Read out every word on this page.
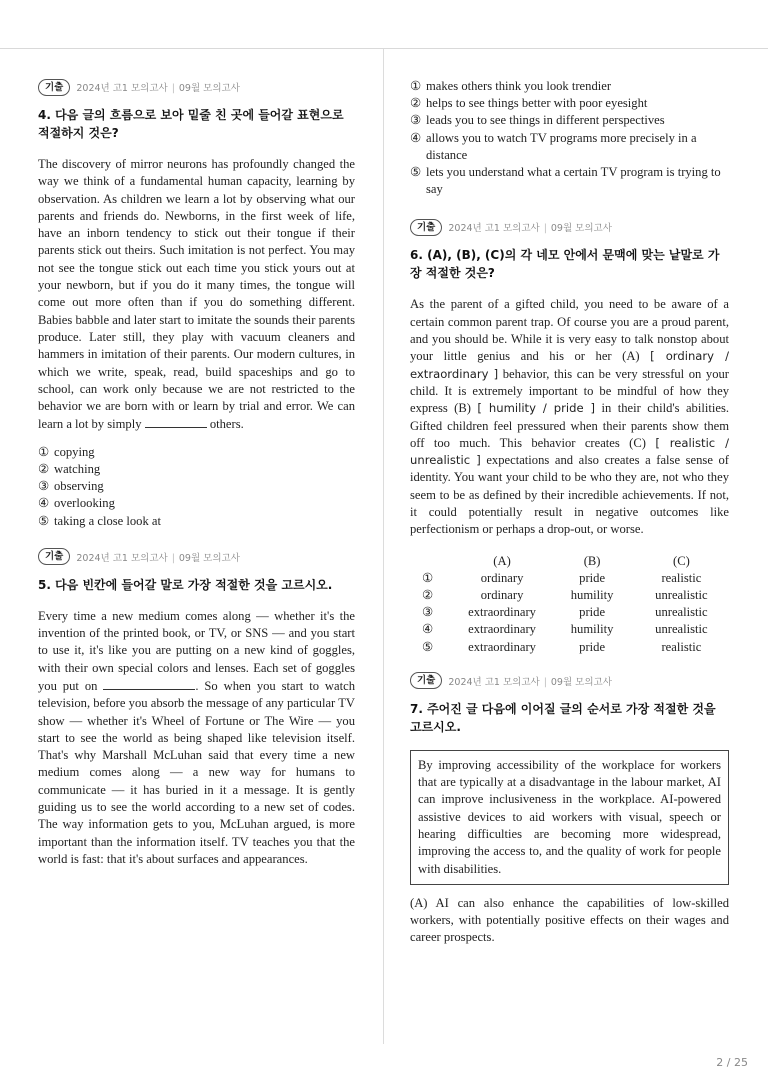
기출	2024년 고1 모의고사 | 09월 모의고사

4. 다음 글의 흐름으로 보아 밑줄 친 곳에 들어갈 표현으로 적절하지 것은?

The discovery of mirror neurons has profoundly changed the way we think of a fundamental human capacity, learning by observation. As children we learn a lot by observing what our parents and friends do. Newborns, in the first week of life, have an inborn tendency to stick out their tongue if their parents stick out theirs. Such imitation is not perfect. You may not see the tongue stick out each time you stick yours out at your newborn, but if you do it many times, the tongue will come out more often than if you do something different. Babies babble and later start to imitate the sounds their parents produce. Later still, they play with vacuum cleaners and hammers in imitation of their parents. Our modern cultures, in which we write, speak, read, build spaceships and go to school, can work only because we are not restricted to the behavior we are born with or learn by trial and error. We can learn a lot by simply	others.

① copying
② watching
③ observing
④ overlooking
⑤ taking a close look at
기출	2024년 고1 모의고사 | 09월 모의고사

5. 다음 빈칸에 들어갈 말로 가장 적절한 것을 고르시오.

Every time a new medium comes along — whether it's the invention of the printed book, or TV, or SNS — and you start to use it, it's like you are putting on a new kind of goggles, with their own special colors and lenses. Each set of goggles you put on	. So when you start to watch television, before you absorb the message of any particular TV show — whether it's Wheel of Fortune or The Wire — you start to see the world as being shaped like television itself. That's why Marshall McLuhan said that every time a new medium comes along — a new way for humans to communicate — it has buried in it a message. It is gently guiding us to see the world according to a new set of codes. The way information gets to you, McLuhan argued, is more important than the information itself. TV teaches you that the world is fast: that it's about surfaces and appearances.

① makes others think you look trendier
② helps to see things better with poor eyesight
③ leads you to see things in different perspectives
④ allows you to watch TV programs more precisely in a distance
⑤ lets you understand what a certain TV program is trying to say
기출	2024년 고1 모의고사 | 09월 모의고사

6. (A), (B), (C)의 각 네모 안에서 문맥에 맞는 낱말로 가장 적절한 것은?

As the parent of a gifted child, you need to be aware of a certain common parent trap. Of course you are a proud parent, and you should be. While it is very easy to talk nonstop about your little genius and his or her (A) [ ordinary / extraordinary ] behavior, this can be very stressful on your child. It is extremely important to be mindful of how they express (B) [ humility / pride ] in their child's abilities. Gifted children feel pressured when their parents show them off too much. This behavior creates (C) [ realistic / unrealistic ] expectations and also creates a false sense of identity. You want your child to be who they are, not who they seem to be as defined by their incredible achievements. If not, it could potentially result in negative outcomes like perfectionism or perhaps a drop-out, or worse.

	(A)	(B)	(C)
①	ordinary	pride	realistic
②	ordinary	humility	unrealistic
③	extraordinary	pride	unrealistic
④	extraordinary	humility	unrealistic
⑤	extraordinary	pride	realistic
기출	2024년 고1 모의고사 | 09월 모의고사

7. 주어진 글 다음에 이어질 글의 순서로 가장 적절한 것을 고르시오.

By improving accessibility of the workplace for workers that are typically at a disadvantage in the labour market, AI can improve inclusiveness in the workplace. AI-powered assistive devices to aid workers with visual, speech or hearing difficulties are becoming more widespread, improving the access to, and the quality of work for people with disabilities.

(A) AI can also enhance the capabilities of low-skilled workers, with potentially positive effects on their wages and career prospects.

2 / 25
